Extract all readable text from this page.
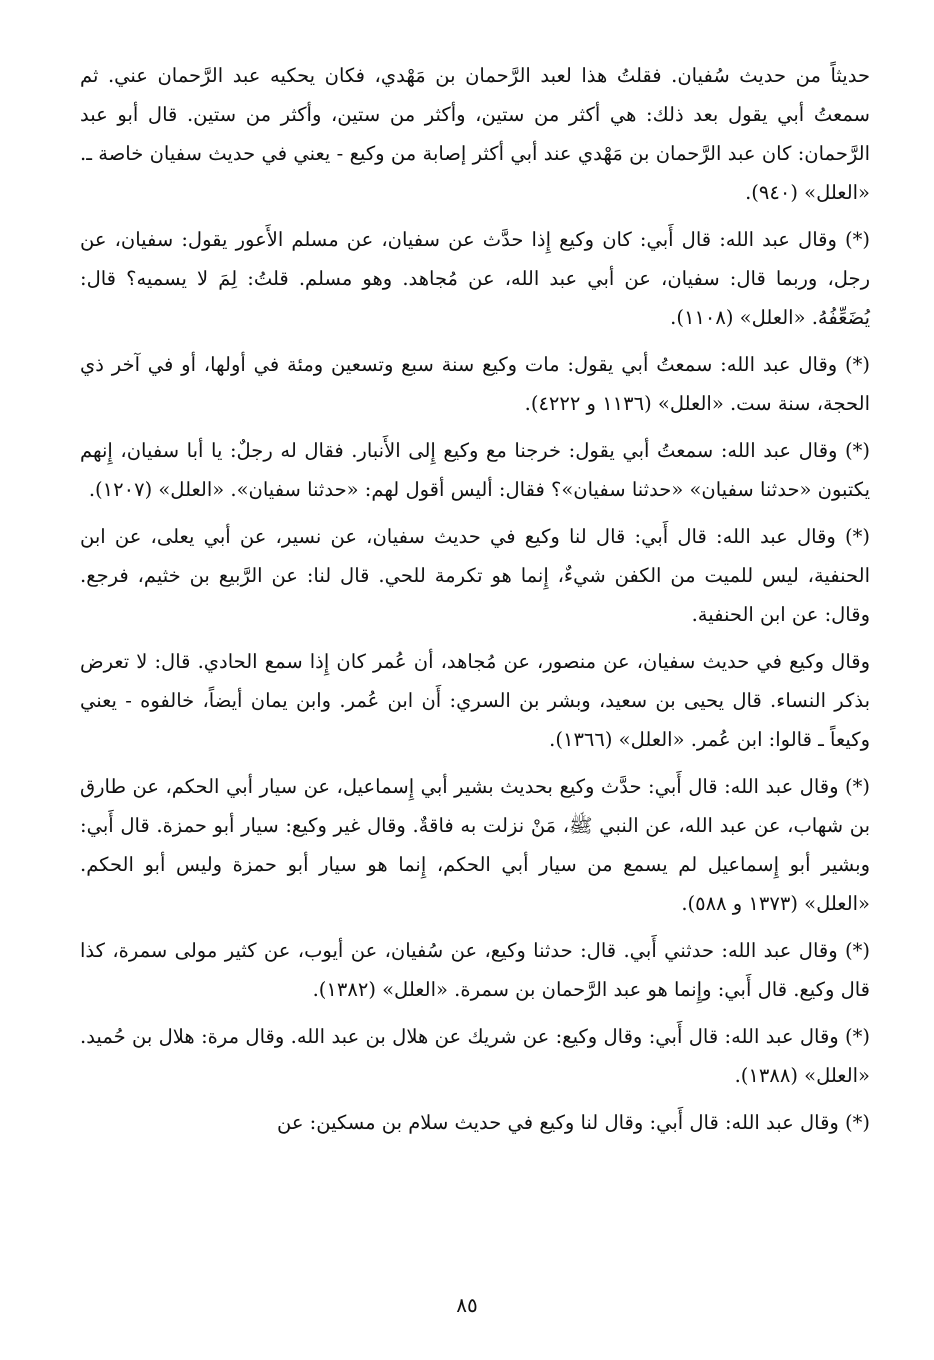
حديثاً من حديث سُفيان. فقلتُ هذا لعبد الرَّحمان بن مَهْدي، فكان يحكيه عبد الرَّحمان عني. ثم سمعتُ أبي يقول بعد ذلك: هي أكثر من ستين، وأكثر من ستين، وأكثر من ستين. قال أبو عبد الرَّحمان: كان عبد الرَّحمان بن مَهْدي عند أبي أكثر إصابة من وكيع - يعني في حديث سفيان خاصة ـ. «العلل» (٩٤٠).

(*) وقال عبد الله: قال أَبي: كان وكيع إِذا حدَّث عن سفيان، عن مسلم الأَعور يقول: سفيان، عن رجل، وربما قال: سفيان، عن أبي عبد الله، عن مُجاهد. وهو مسلم. قلتُ: لِمَ لا يسميه؟ قال: يُضَعِّفُهُ. «العلل» (١١٠٨).

(*) وقال عبد الله: سمعتُ أبي يقول: مات وكيع سنة سبع وتسعين ومئة في أولها، أو في آخر ذي الحجة، سنة ست. «العلل» (١١٣٦ و ٤٢٢٢).

(*) وقال عبد الله: سمعتُ أبي يقول: خرجنا مع وكيع إِلى الأَنبار. فقال له رجلٌ: يا أبا سفيان، إِنهم يكتبون «حدثنا سفيان» «حدثنا سفيان»؟ فقال: أليس أقول لهم: «حدثنا سفيان». «العلل» (١٢٠٧).

(*) وقال عبد الله: قال أَبي: قال لنا وكيع في حديث سفيان، عن نسير، عن أبي يعلى، عن ابن الحنفية، ليس للميت من الكفن شيءٌ، إِنما هو تكرمة للحي. قال لنا: عن الرَّبيع بن خثيم، فرجع. وقال: عن ابن الحنفية.

وقال وكيع في حديث سفيان، عن منصور، عن مُجاهد، أن عُمر كان إِذا سمع الحادي. قال: لا تعرض بذكر النساء. قال يحيى بن سعيد، وبشر بن السري: أَن ابن عُمر. وابن يمان أيضاً، خالفوه - يعني وكيعاً ـ قالوا: ابن عُمر. «العلل» (١٣٦٦).

(*) وقال عبد الله: قال أَبي: حدَّث وكيع بحديث بشير أبي إِسماعيل، عن سيار أبي الحكم، عن طارق بن شهاب، عن عبد الله، عن النبي ﷺ، مَنْ نزلت به فاقةٌ. وقال غير وكيع: سيار أبو حمزة. قال أَبي: وبشير أبو إِسماعيل لم يسمع من سيار أبي الحكم، إِنما هو سيار أبو حمزة وليس أبو الحكم. «العلل» (١٣٧٣ و ٥٨٨).

(*) وقال عبد الله: حدثني أَبي. قال: حدثنا وكيع، عن سُفيان، عن أيوب، عن كثير مولى سمرة، كذا قال وكيع. قال أَبي: وإِنما هو عبد الرَّحمان بن سمرة. «العلل» (١٣٨٢).

(*) وقال عبد الله: قال أَبي: وقال وكيع: عن شريك عن هلال بن عبد الله. وقال مرة: هلال بن حُميد. «العلل» (١٣٨٨).

(*) وقال عبد الله: قال أَبي: وقال لنا وكيع في حديث سلام بن مسكين: عن

٨٥
